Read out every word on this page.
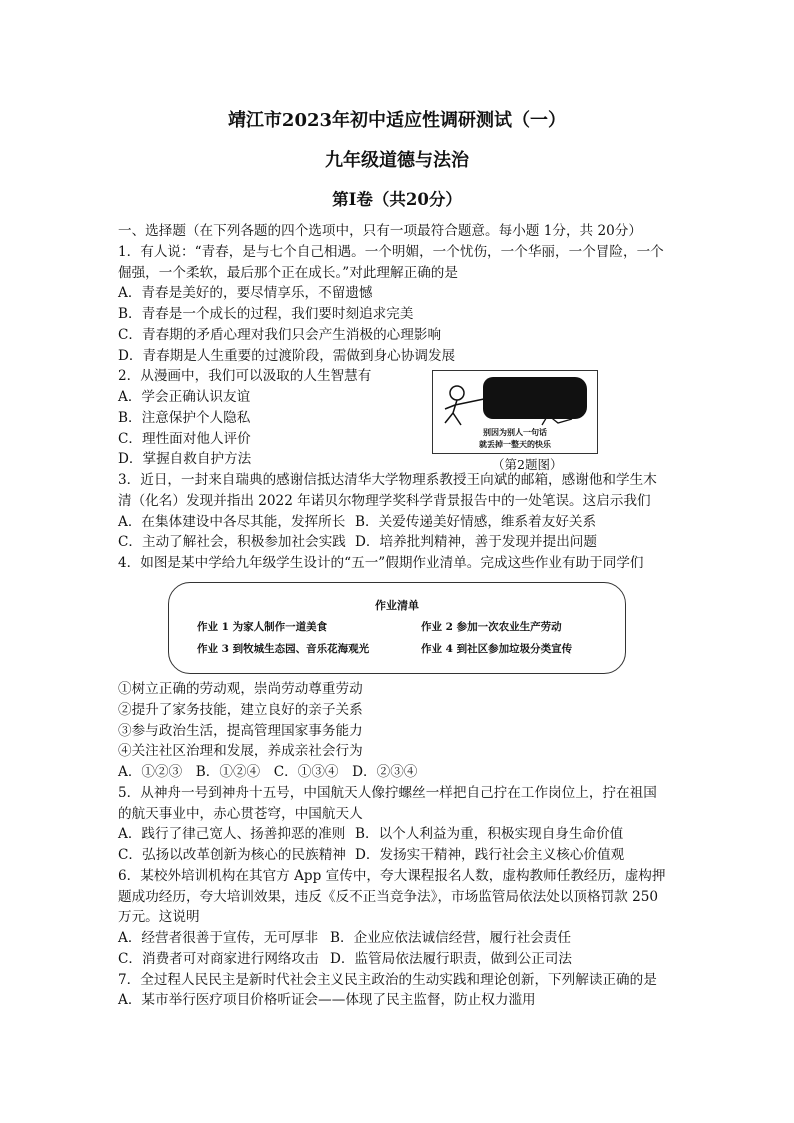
靖江市2023年初中适应性调研测试（一）
九年级道德与法治
第Ⅰ卷（共20分）
一、选择题（在下列各题的四个选项中，只有一项最符合题意。每小题 1分，共 20分）
1．有人说：“青春，是与七个自己相遇。一个明媚，一个忧伤，一个华丽，一个冒险，一个
倔强，一个柔软，最后那个正在成长。”对此理解正确的是
A．青春是美好的，要尽情享乐，不留遗憾
B．青春是一个成长的过程，我们要时刻追求完美
C．青春期的矛盾心理对我们只会产生消极的心理影响
D．青春期是人生重要的过渡阶段，需做到身心协调发展
2．从漫画中，我们可以汲取的人生智慧有
A．学会正确认识友谊
B．注意保护个人隐私
C．理性面对他人评价
D．掌握自救自护方法
3．近日，一封来自瑞典的感谢信抵达清华大学物理系教授王向斌的邮箱，感谢他和学生木
清（化名）发现并指出 2022 年诺贝尔物理学奖科学背景报告中的一处笔误。这启示我们
A．在集体建设中各尽其能，发挥所长 B．关爱传递美好情感，维系着友好关系
C．主动了解社会，积极参加社会实践 D．培养批判精神，善于发现并提出问题
4．如图是某中学给九年级学生设计的“五一”假期作业清单。完成这些作业有助于同学们
别因为别人一句话
就丢掉一整天的快乐
（第2题图）
作业清单
作业 1 为家人制作一道美食	作业 2 参加一次农业生产劳动
作业 3 到牧城生态园、音乐花海观光	作业 4 到社区参加垃圾分类宣传
①树立正确的劳动观，崇尚劳动尊重劳动
②提升了家务技能，建立良好的亲子关系
③参与政治生活，提高管理国家事务能力
④关注社区治理和发展，养成亲社会行为
A．①②③　B．①②④　C．①③④　D．②③④
5．从神舟一号到神舟十五号，中国航天人像拧螺丝一样把自己拧在工作岗位上，拧在祖国
的航天事业中，赤心贯苍穹，中国航天人
A．践行了律己宽人、扬善抑恶的准则 B．以个人利益为重，积极实现自身生命价值
C．弘扬以改革创新为核心的民族精神 D．发扬实干精神，践行社会主义核心价值观
6．某校外培训机构在其官方 App 宣传中，夸大课程报名人数，虚构教师任教经历，虚构押
题成功经历，夸大培训效果，违反《反不正当竞争法》，市场监管局依法处以顶格罚款 250
万元。这说明
A．经营者很善于宣传，无可厚非 B．企业应依法诚信经营，履行社会责任
C．消费者可对商家进行网络攻击 D．监管局依法履行职责，做到公正司法
7．全过程人民民主是新时代社会主义民主政治的生动实践和理论创新，下列解读正确的是
A．某市举行医疗项目价格听证会——体现了民主监督，防止权力滥用
